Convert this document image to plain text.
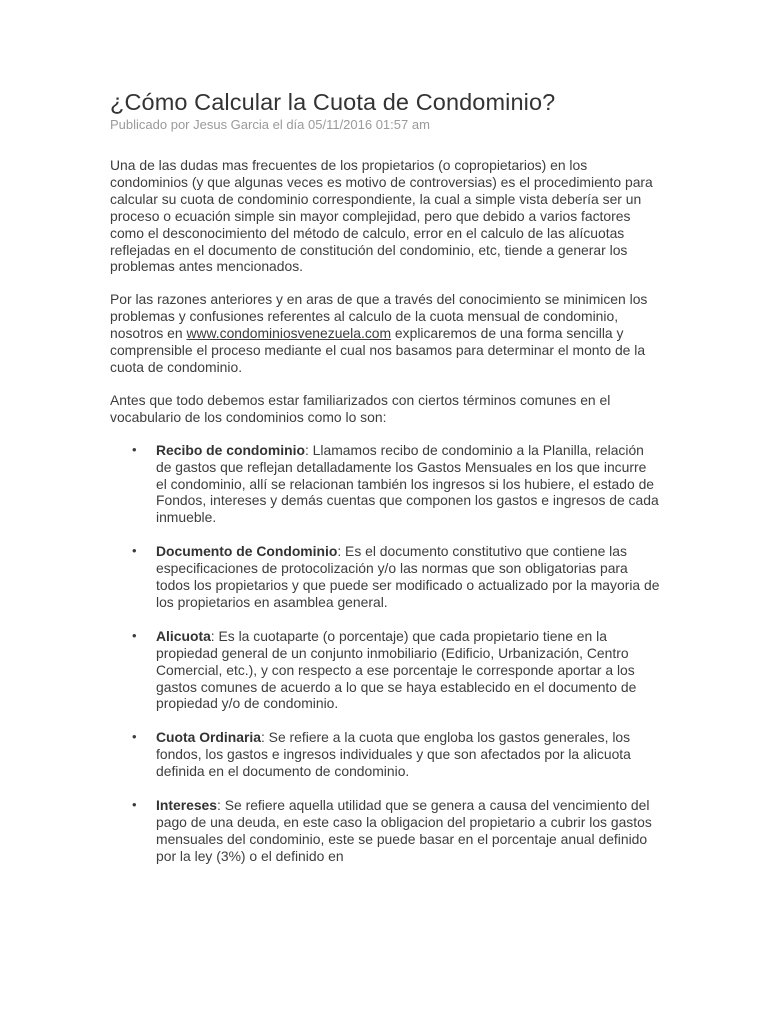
¿Cómo Calcular la Cuota de Condominio?

Publicado por Jesus Garcia el día 05/11/2016 01:57 am

Una de las dudas mas frecuentes de los propietarios (o copropietarios) en los condominios (y que algunas veces es motivo de controversias) es el procedimiento para calcular su cuota de condominio correspondiente, la cual a simple vista debería ser un proceso o ecuación simple sin mayor complejidad, pero que debido a varios factores como el desconocimiento del método de calculo, error en el calculo de las alícuotas reflejadas en el documento de constitución del condominio, etc, tiende a generar los problemas antes mencionados.

Por las razones anteriores y en aras de que a través del conocimiento se minimicen los problemas y confusiones referentes al calculo de la cuota mensual de condominio, nosotros en www.condominiosvenezuela.com explicaremos de una forma sencilla y comprensible el proceso mediante el cual nos basamos para determinar el monto de la cuota de condominio.

Antes que todo debemos estar familiarizados con ciertos términos comunes en el vocabulario de los condominios como lo son:

• Recibo de condominio: Llamamos recibo de condominio a la Planilla, relación de gastos que reflejan detalladamente los Gastos Mensuales en los que incurre el condominio, allí se relacionan también los ingresos si los hubiere, el estado de Fondos, intereses y demás cuentas que componen los gastos e ingresos de cada inmueble.
• Documento de Condominio: Es el documento constitutivo que contiene las especificaciones de protocolización y/o las normas que son obligatorias para todos los propietarios y que puede ser modificado o actualizado por la mayoria de los propietarios en asamblea general.
• Alicuota: Es la cuotaparte (o porcentaje) que cada propietario tiene en la propiedad general de un conjunto inmobiliario (Edificio, Urbanización, Centro Comercial, etc.), y con respecto a ese porcentaje le corresponde aportar a los gastos comunes de acuerdo a lo que se haya establecido en el documento de propiedad y/o de condominio.
• Cuota Ordinaria: Se refiere a la cuota que engloba los gastos generales, los fondos, los gastos e ingresos individuales y que son afectados por la alicuota definida en el documento de condominio.
• Intereses: Se refiere aquella utilidad que se genera a causa del vencimiento del pago de una deuda, en este caso la obligacion del propietario a cubrir los gastos mensuales del condominio, este se puede basar en el porcentaje anual definido por la ley (3%) o el definido en
